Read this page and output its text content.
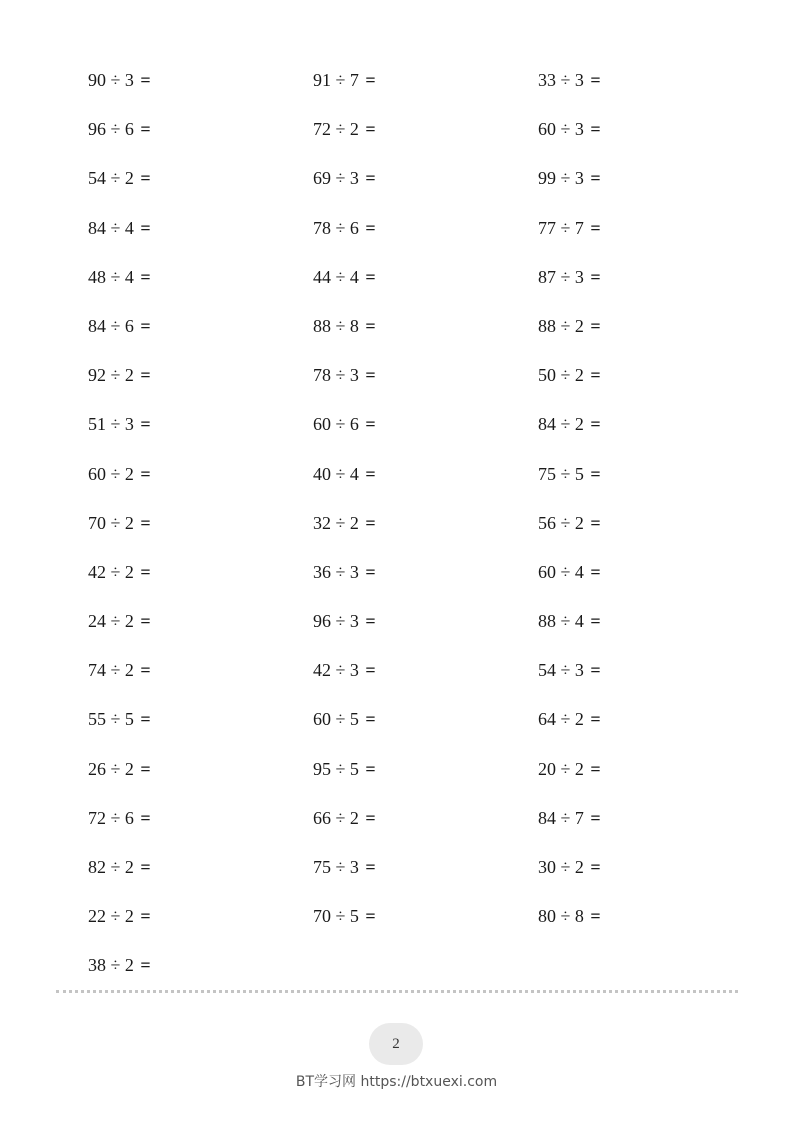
90 ÷ 3 =	91 ÷ 7 =	33 ÷ 3 =
96 ÷ 6 =	72 ÷ 2 =	60 ÷ 3 =
54 ÷ 2 =	69 ÷ 3 =	99 ÷ 3 =
84 ÷ 4 =	78 ÷ 6 =	77 ÷ 7 =
48 ÷ 4 =	44 ÷ 4 =	87 ÷ 3 =
84 ÷ 6 =	88 ÷ 8 =	88 ÷ 2 =
92 ÷ 2 =	78 ÷ 3 =	50 ÷ 2 =
51 ÷ 3 =	60 ÷ 6 =	84 ÷ 2 =
60 ÷ 2 =	40 ÷ 4 =	75 ÷ 5 =
70 ÷ 2 =	32 ÷ 2 =	56 ÷ 2 =
42 ÷ 2 =	36 ÷ 3 =	60 ÷ 4 =
24 ÷ 2 =	96 ÷ 3 =	88 ÷ 4 =
74 ÷ 2 =	42 ÷ 3 =	54 ÷ 3 =
55 ÷ 5 =	60 ÷ 5 =	64 ÷ 2 =
26 ÷ 2 =	95 ÷ 5 =	20 ÷ 2 =
72 ÷ 6 =	66 ÷ 2 =	84 ÷ 7 =
82 ÷ 2 =	75 ÷ 3 =	30 ÷ 2 =
22 ÷ 2 =	70 ÷ 5 =	80 ÷ 8 =
38 ÷ 2 =
2
BT学习网 https://btxuexi.com
